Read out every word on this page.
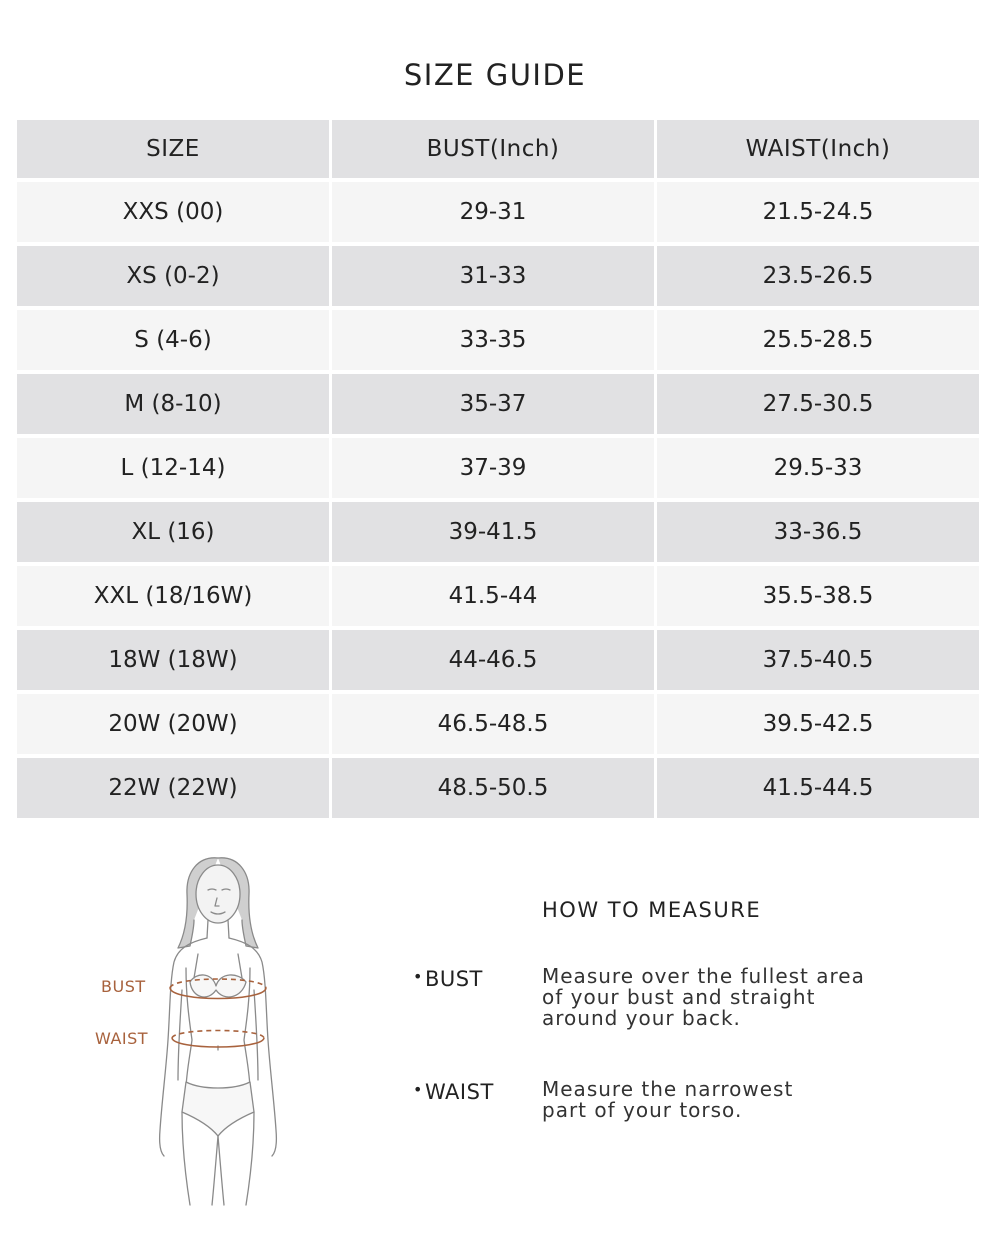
SIZE GUIDE
SIZE	BUST(Inch)	WAIST(Inch)
XXS (00)	29-31	21.5-24.5
XS (0-2)	31-33	23.5-26.5
S (4-6)	33-35	25.5-28.5
M (8-10)	35-37	27.5-30.5
L (12-14)	37-39	29.5-33
XL (16)	39-41.5	33-36.5
XXL (18/16W)	41.5-44	35.5-38.5
18W (18W)	44-46.5	37.5-40.5
20W (20W)	46.5-48.5	39.5-42.5
22W (22W)	48.5-50.5	41.5-44.5
BUST
WAIST
HOW TO MEASURE
•BUST	Measure over the fullest area
of your bust and straight
around your back.
•WAIST Measure the narrowest
part of your torso.
